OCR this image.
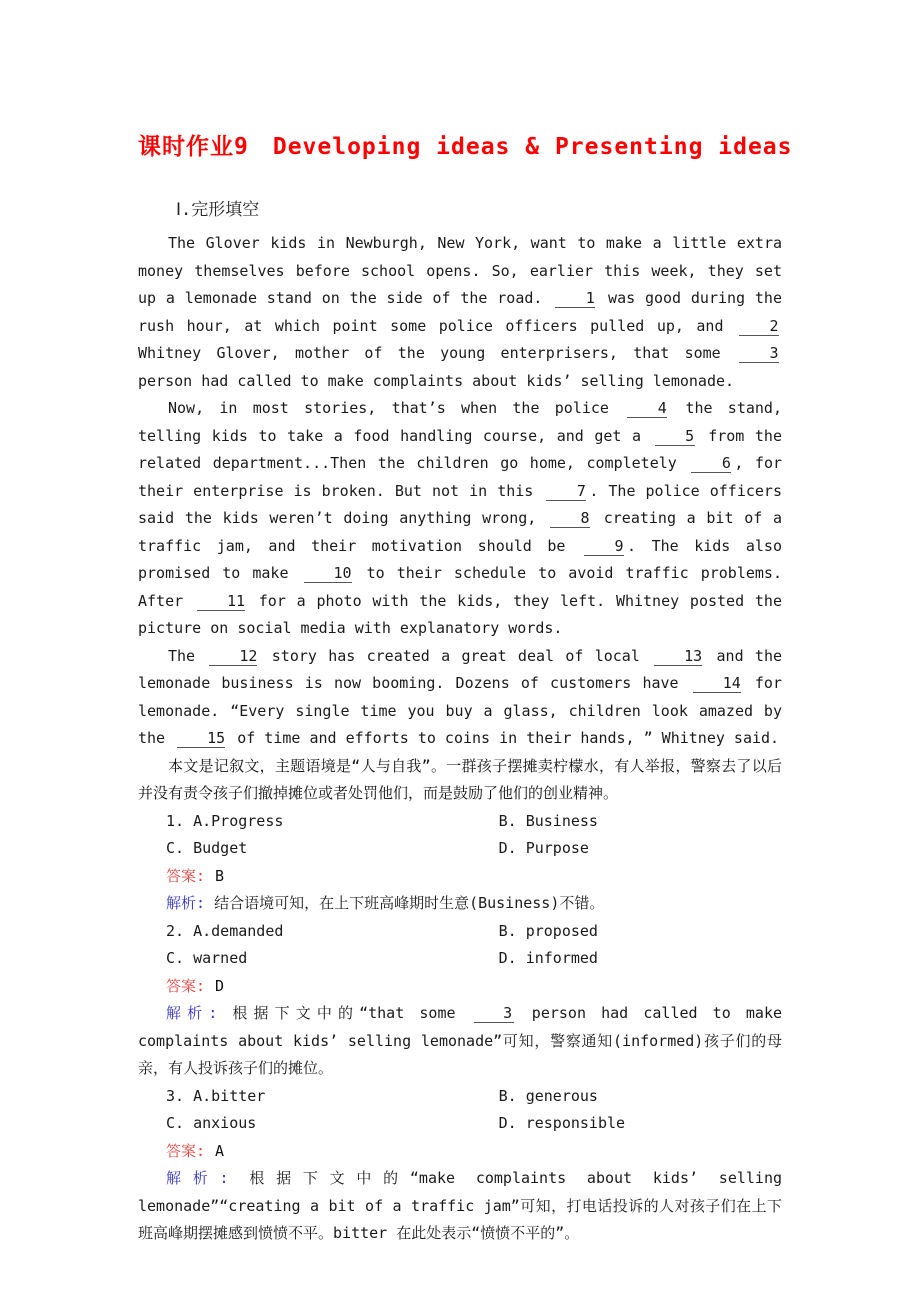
课时作业9　Developing ideas & Presenting ideas
Ⅰ.完形填空

The Glover kids in Newburgh, New York, want to make a little extra money themselves before school opens. So, earlier this week, they set up a lemonade stand on the side of the road. 1 was good during the rush hour, at which point some police officers pulled up, and 2 Whitney Glover, mother of the young enterprisers, that some 3 person had called to make complaints about kids’ selling lemonade.

Now, in most stories, that’s when the police 4 the stand, telling kids to take a food handling course, and get a 5 from the related department...Then the children go home, completely 6 , for their enterprise is broken. But not in this 7 . The police officers said the kids weren’t doing anything wrong, 8 creating a bit of a traffic jam, and their motivation should be 9 . The kids also promised to make 10 to their schedule to avoid traffic problems. After 11 for a photo with the kids, they left. Whitney posted the picture on social media with explanatory words.

The 12 story has created a great deal of local 13 and the lemonade business is now booming. Dozens of customers have 14 for lemonade. “Every single time you buy a glass, children look amazed by the 15 of time and efforts to coins in their hands, ” Whitney said.

本文是记叙文，主题语境是“人与自我”。一群孩子摆摊卖柠檬水，有人举报，警察去了以后并没有责令孩子们撤掉摊位或者处罚他们，而是鼓励了他们的创业精神。

1. A.Progress	B. Business
C. Budget	D. Purpose
答案: B

解析: 结合语境可知，在上下班高峰期时生意(Business)不错。

2. A.demanded	B. proposed
C. warned	D. informed
答案: D

解析: 根据下文中的“that some 3 person had called to make complaints about kids’ selling lemonade”可知，警察通知(informed)孩子们的母亲，有人投诉孩子们的摊位。

3. A.bitter	B. generous
C. anxious	D. responsible
答案: A

解析: 根据下文中的“make complaints about kids’ selling lemonade”“creating a bit of a traffic jam”可知，打电话投诉的人对孩子们在上下班高峰期摆摊感到愤愤不平。bitter 在此处表示“愤愤不平的”。
